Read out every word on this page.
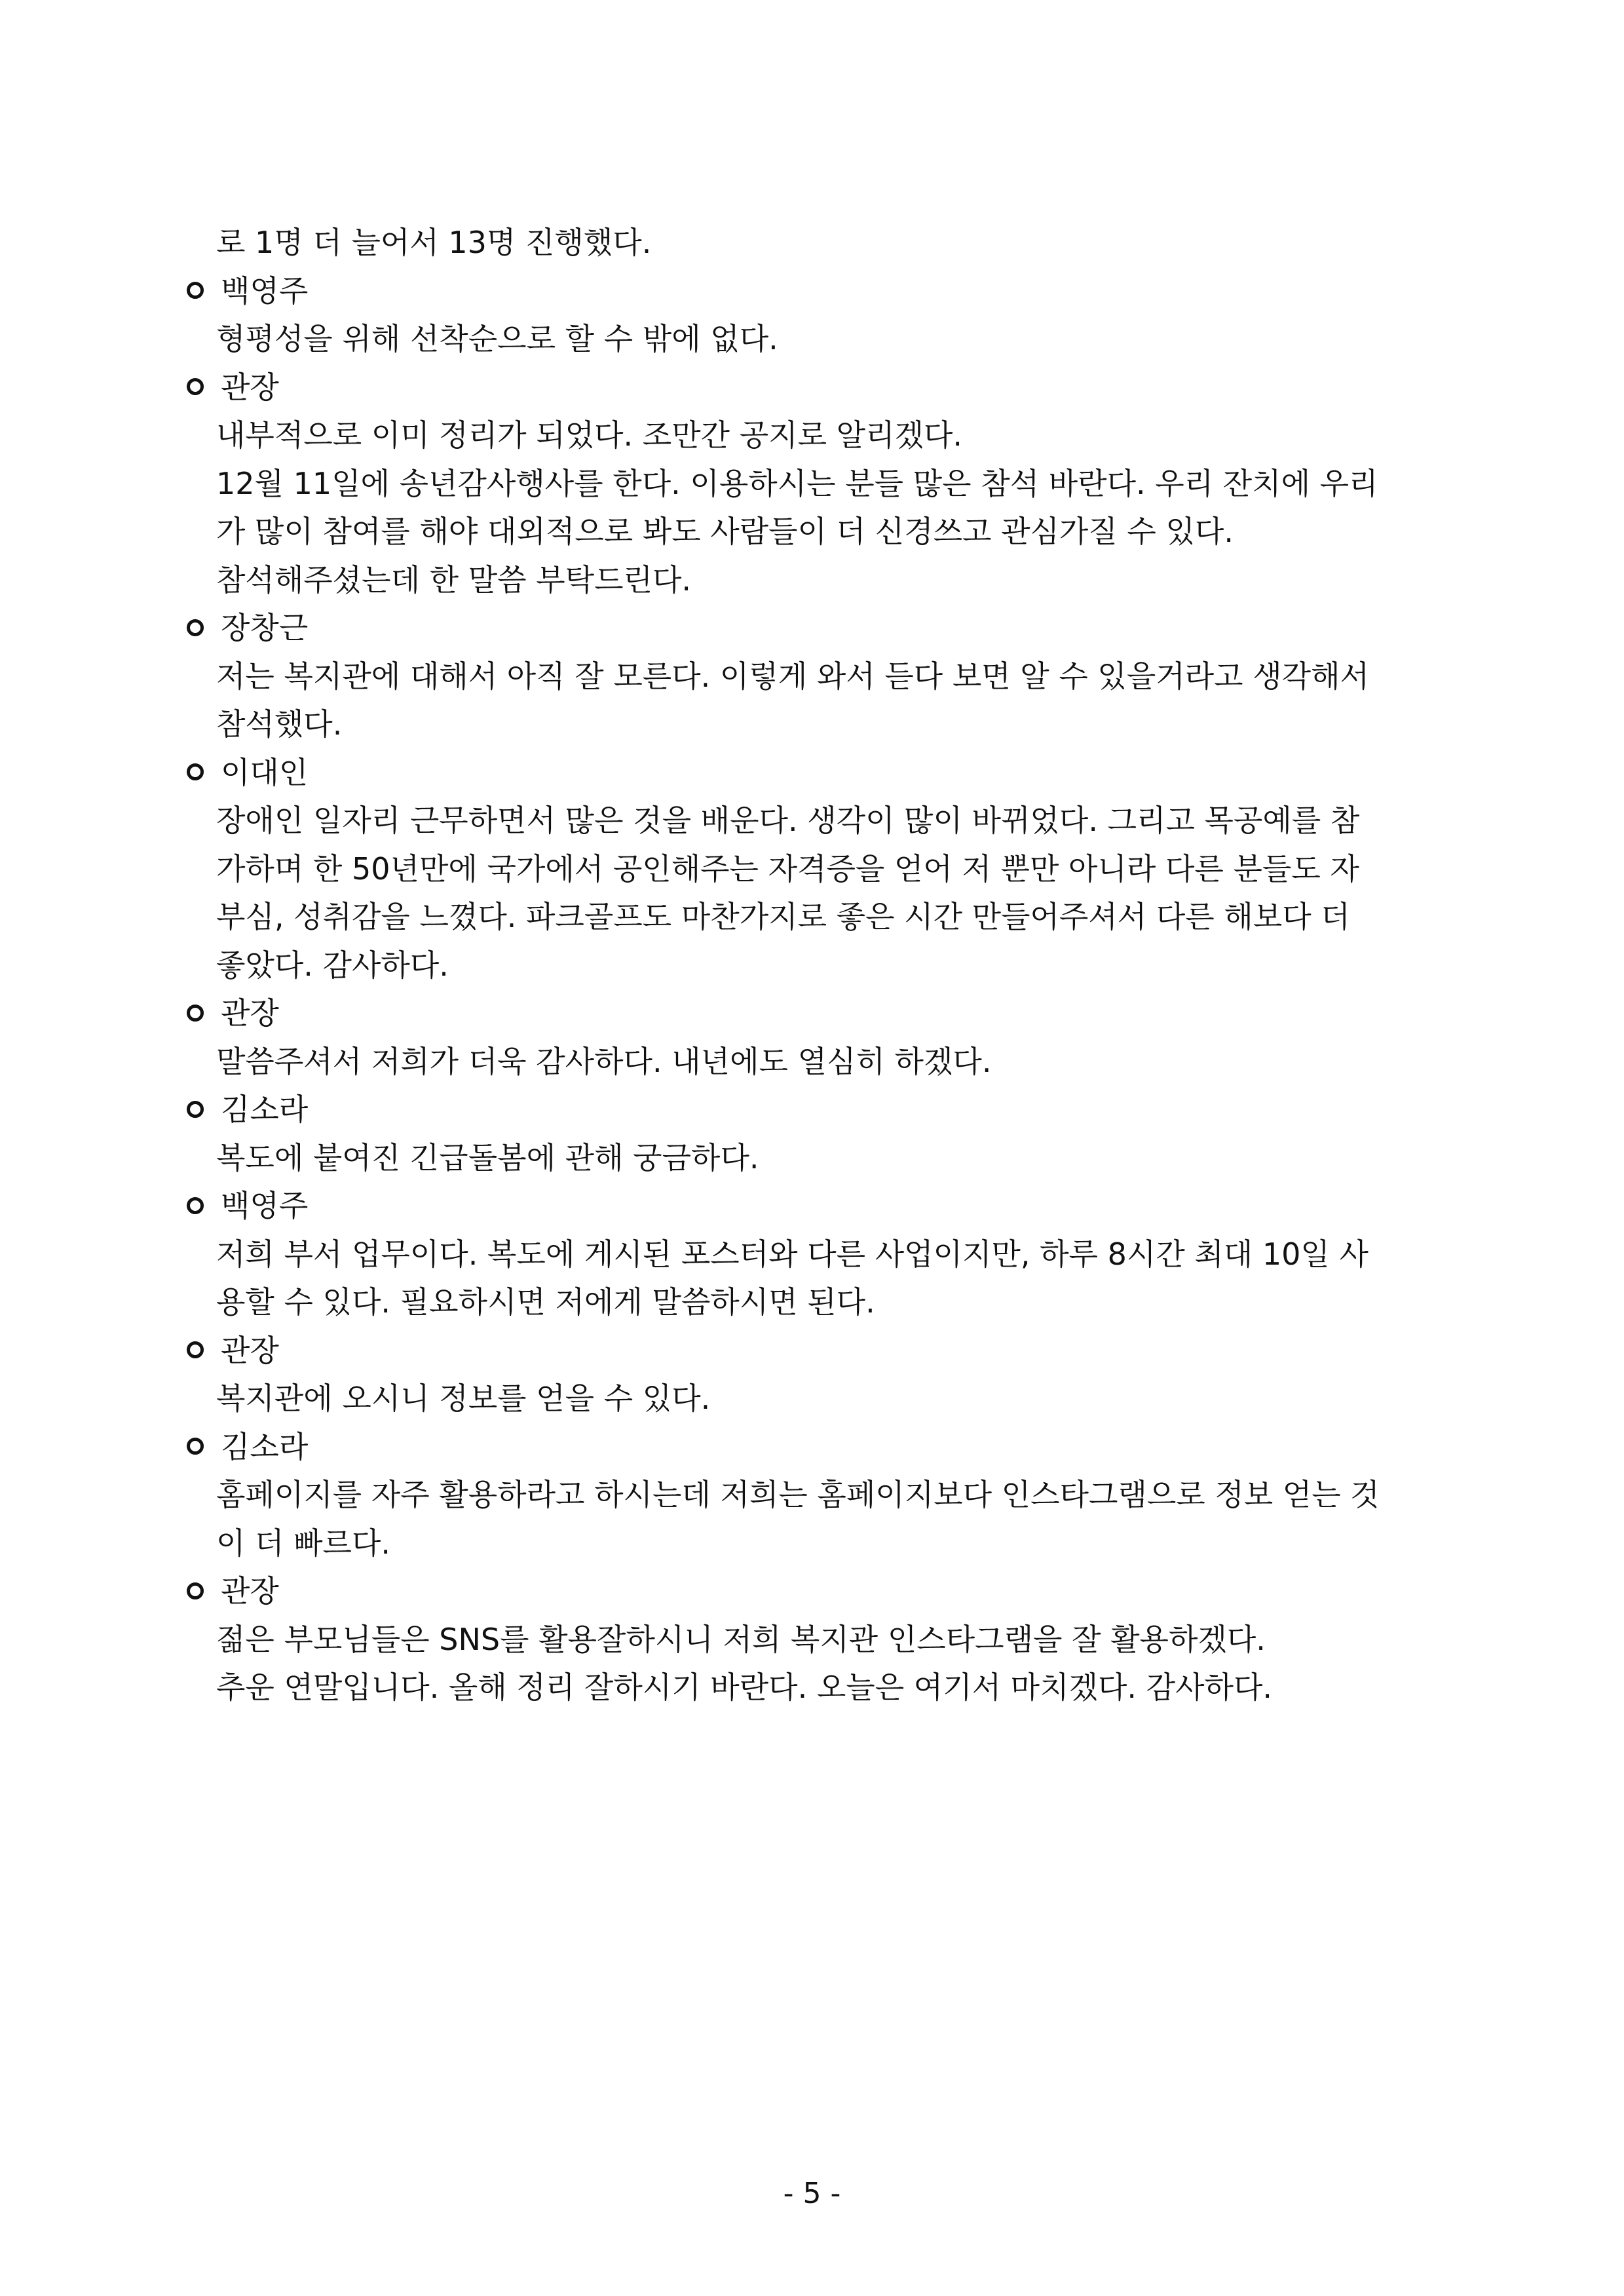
로 1명 더 늘어서 13명 진행했다.
백영주
형평성을 위해 선착순으로 할 수 밖에 없다.
관장
내부적으로 이미 정리가 되었다. 조만간 공지로 알리겠다.
12월 11일에 송년감사행사를 한다. 이용하시는 분들 많은 참석 바란다. 우리 잔치에 우리
가 많이 참여를 해야 대외적으로 봐도 사람들이 더 신경쓰고 관심가질 수 있다.
참석해주셨는데 한 말씀 부탁드린다.
장창근
저는 복지관에 대해서 아직 잘 모른다. 이렇게 와서 듣다 보면 알 수 있을거라고 생각해서
참석했다.
이대인
장애인 일자리 근무하면서 많은 것을 배운다. 생각이 많이 바뀌었다. 그리고 목공예를 참
가하며 한 50년만에 국가에서 공인해주는 자격증을 얻어 저 뿐만 아니라 다른 분들도 자
부심, 성취감을 느꼈다. 파크골프도 마찬가지로 좋은 시간 만들어주셔서 다른 해보다 더
좋았다. 감사하다.
관장
말씀주셔서 저희가 더욱 감사하다. 내년에도 열심히 하겠다.
김소라
복도에 붙여진 긴급돌봄에 관해 궁금하다.
백영주
저희 부서 업무이다. 복도에 게시된 포스터와 다른 사업이지만, 하루 8시간 최대 10일 사
용할 수 있다. 필요하시면 저에게 말씀하시면 된다.
관장
복지관에 오시니 정보를 얻을 수 있다.
김소라
홈페이지를 자주 활용하라고 하시는데 저희는 홈페이지보다 인스타그램으로 정보 얻는 것
이 더 빠르다.
관장
젊은 부모님들은 SNS를 활용잘하시니 저희 복지관 인스타그램을 잘 활용하겠다.
추운 연말입니다. 올해 정리 잘하시기 바란다. 오늘은 여기서 마치겠다. 감사하다.
- 5 -
